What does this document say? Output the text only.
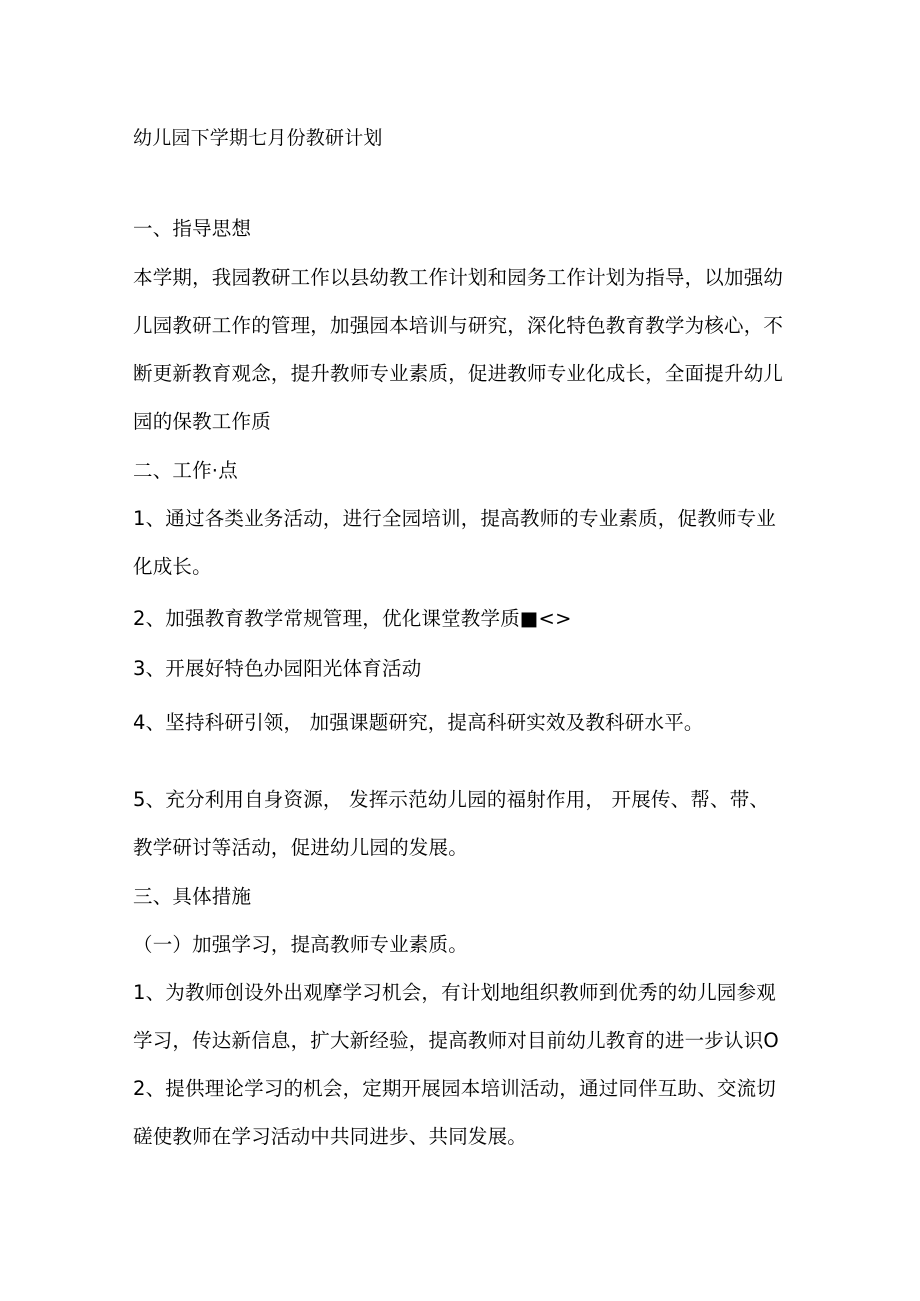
幼儿园下学期七月份教研计划
一、指导思想
本学期，我园教研工作以县幼教工作计划和园务工作计划为指导，以加强幼
儿园教研工作的管理，加强园本培训与研究，深化特色教育教学为核心，不
断更新教育观念，提升教师专业素质，促进教师专业化成长，全面提升幼儿
园的保教工作质
二、工作·点
1、通过各类业务活动，进行全园培训，提高教师的专业素质，促教师专业
化成长。
2、加强教育教学常规管理，优化课堂教学质■<>
3、开展好特色办园阳光体育活动
4、坚持科研引领， 加强课题研究，提高科研实效及教科研水平。
5、充分利用自身资源， 发挥示范幼儿园的福射作用， 开展传、帮、带、
教学研讨等活动，促进幼儿园的发展。
三、具体措施
（一）加强学习，提高教师专业素质。
1、为教师创设外出观摩学习机会，有计划地组织教师到优秀的幼儿园参观
学习，传达新信息，扩大新经验，提高教师对目前幼儿教育的进一步认识O
2、提供理论学习的机会，定期开展园本培训活动，通过同伴互助、交流切
磋使教师在学习活动中共同进步、共同发展。
